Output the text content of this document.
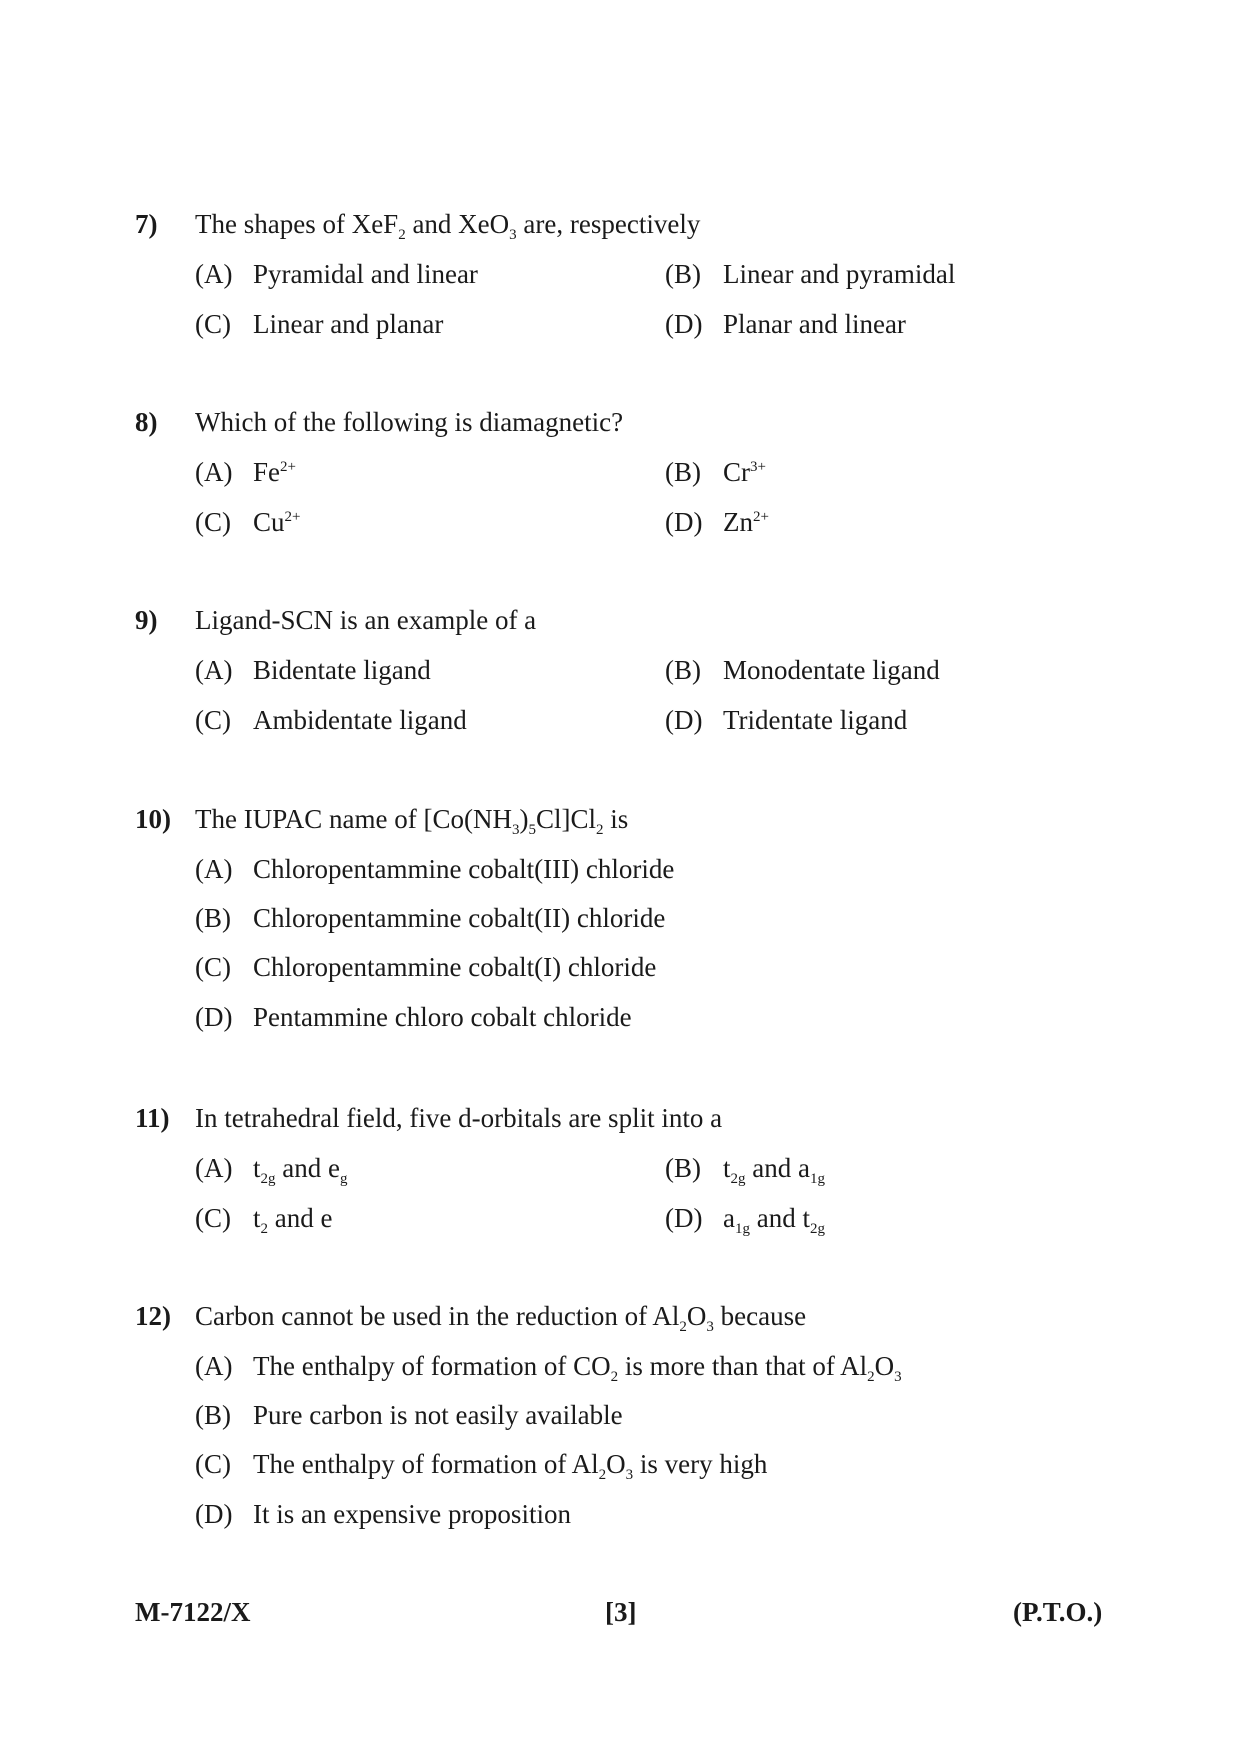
7) The shapes of XeF$_2$ and XeO$_3$ are, respectively
(A) Pyramidal and linear	(B) Linear and pyramidal
(C) Linear and planar	(D) Planar and linear
8) Which of the following is diamagnetic?
(A) $Fe^{2+}$	(B) $Cr^{3+}$
(C) $Cu^{2+}$	(D) $Zn^{2+}$
9) Ligand-SCN is an example of a
(A) Bidentate ligand	(B) Monodentate ligand
(C) Ambidentate ligand	(D) Tridentate ligand
10) The IUPAC name of $[Co(NH_3)_5Cl]Cl_2$ is
(A) Chloropentammine cobalt(III) chloride
(B) Chloropentammine cobalt(II) chloride
(C) Chloropentammine cobalt(I) chloride
(D) Pentammine chloro cobalt chloride
11) In tetrahedral field, five d-orbitals are split into a
(A) $t_{2g}$ and $e_g$	(B) $t_{2g}$ and $a_{1g}$
(C) $t_2$ and e	(D) $a_{1g}$ and $t_{2g}$
12) Carbon cannot be used in the reduction of $Al_2O_3$ because
(A) The enthalpy of formation of $CO_2$ is more than that of $Al_2O_3$
(B) Pure carbon is not easily available
(C) The enthalpy of formation of $Al_2O_3$ is very high
(D) It is an expensive proposition
M-7122/X	[3]	(P.T.O.)
